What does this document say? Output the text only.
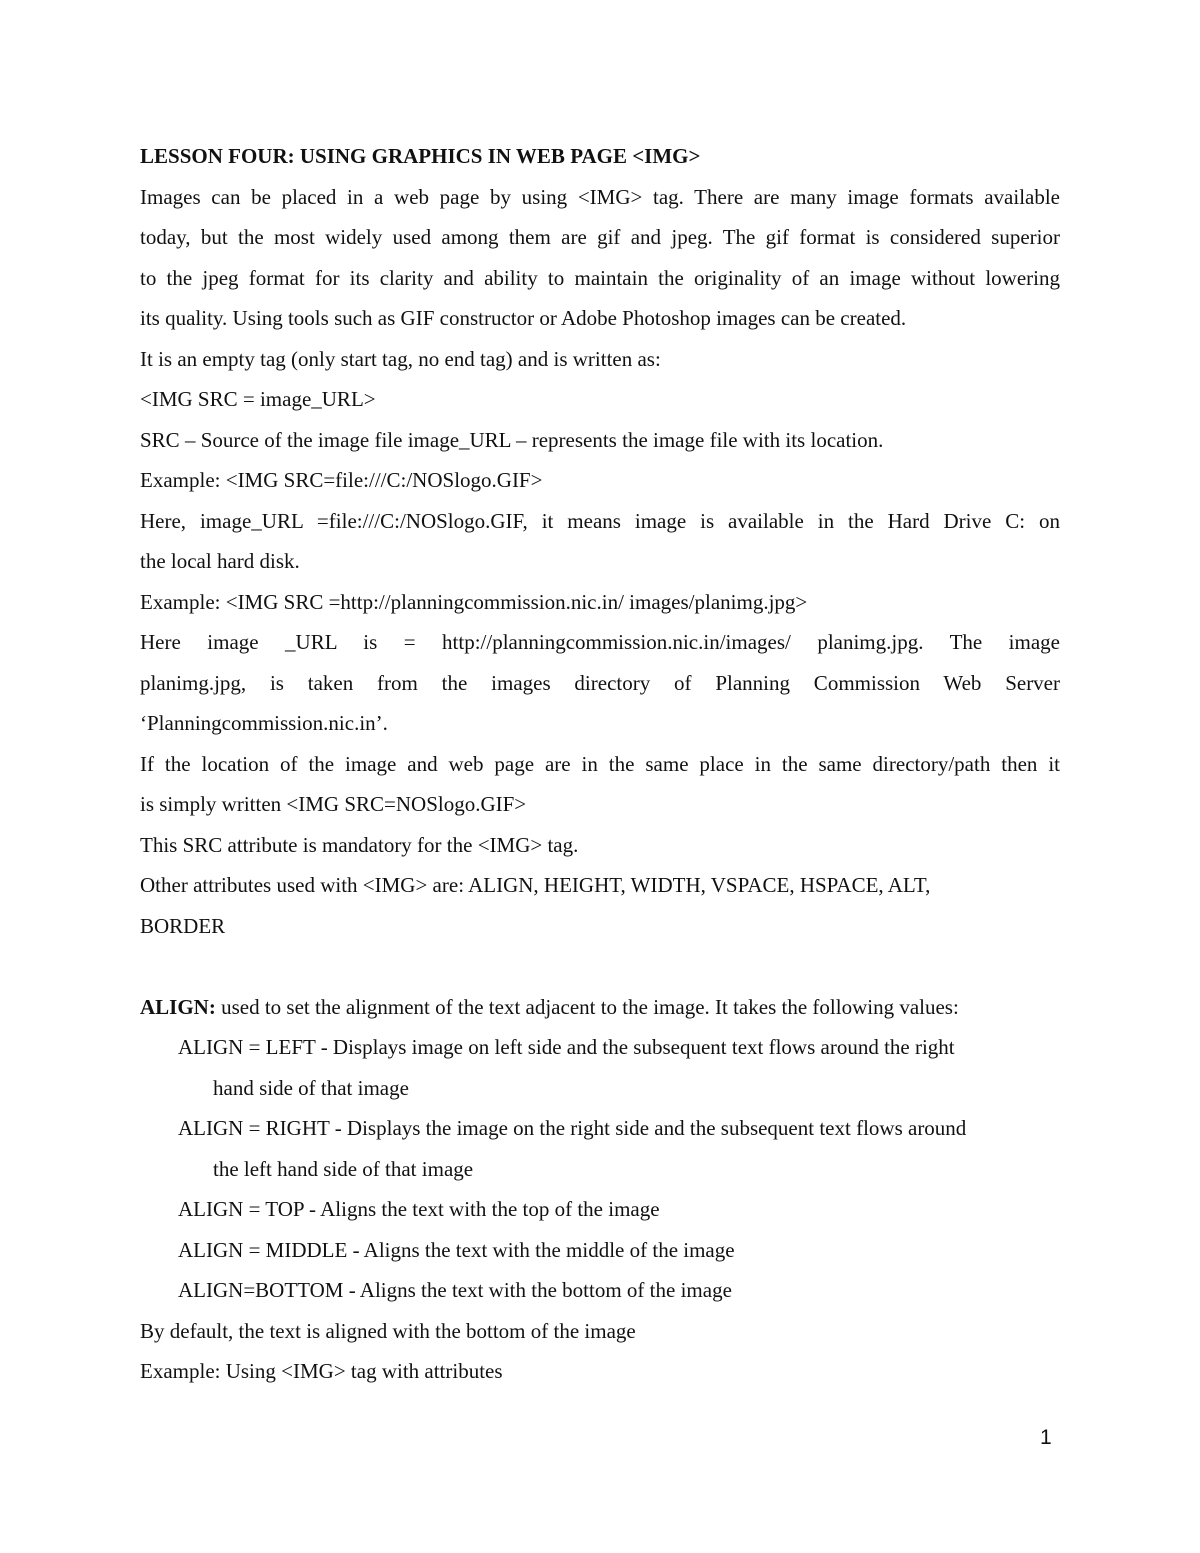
LESSON FOUR: USING GRAPHICS IN WEB PAGE <IMG>
Images can be placed in a web page by using <IMG> tag. There are many image formats available
today, but the most widely used among them are gif and jpeg. The gif format is considered superior
to the jpeg format for its clarity and ability to maintain the originality of an image without lowering
its quality. Using tools such as GIF constructor or Adobe Photoshop images can be created.
It is an empty tag (only start tag, no end tag) and is written as:
<IMG SRC = image_URL>
SRC – Source of the image file image_URL – represents the image file with its location.
Example: <IMG SRC=file:///C:/NOSlogo.GIF>
Here, image_URL =file:///C:/NOSlogo.GIF, it means image is available in the Hard Drive C: on
the local hard disk.
Example: <IMG SRC =http://planningcommission.nic.in/ images/planimg.jpg>
Here image _URL is = http://planningcommission.nic.in/images/ planimg.jpg. The image
planimg.jpg, is taken from the images directory of Planning Commission Web Server
‘Planningcommission.nic.in’.
If the location of the image and web page are in the same place in the same directory/path then it
is simply written <IMG SRC=NOSlogo.GIF>
This SRC attribute is mandatory for the <IMG> tag.
Other attributes used with <IMG> are: ALIGN, HEIGHT, WIDTH, VSPACE, HSPACE, ALT,
BORDER
ALIGN: used to set the alignment of the text adjacent to the image. It takes the following values:
ALIGN = LEFT - Displays image on left side and the subsequent text flows around the right
hand side of that image
ALIGN = RIGHT - Displays the image on the right side and the subsequent text flows around
the left hand side of that image
ALIGN = TOP - Aligns the text with the top of the image
ALIGN = MIDDLE - Aligns the text with the middle of the image
ALIGN=BOTTOM - Aligns the text with the bottom of the image
By default, the text is aligned with the bottom of the image
Example: Using <IMG> tag with attributes
1
